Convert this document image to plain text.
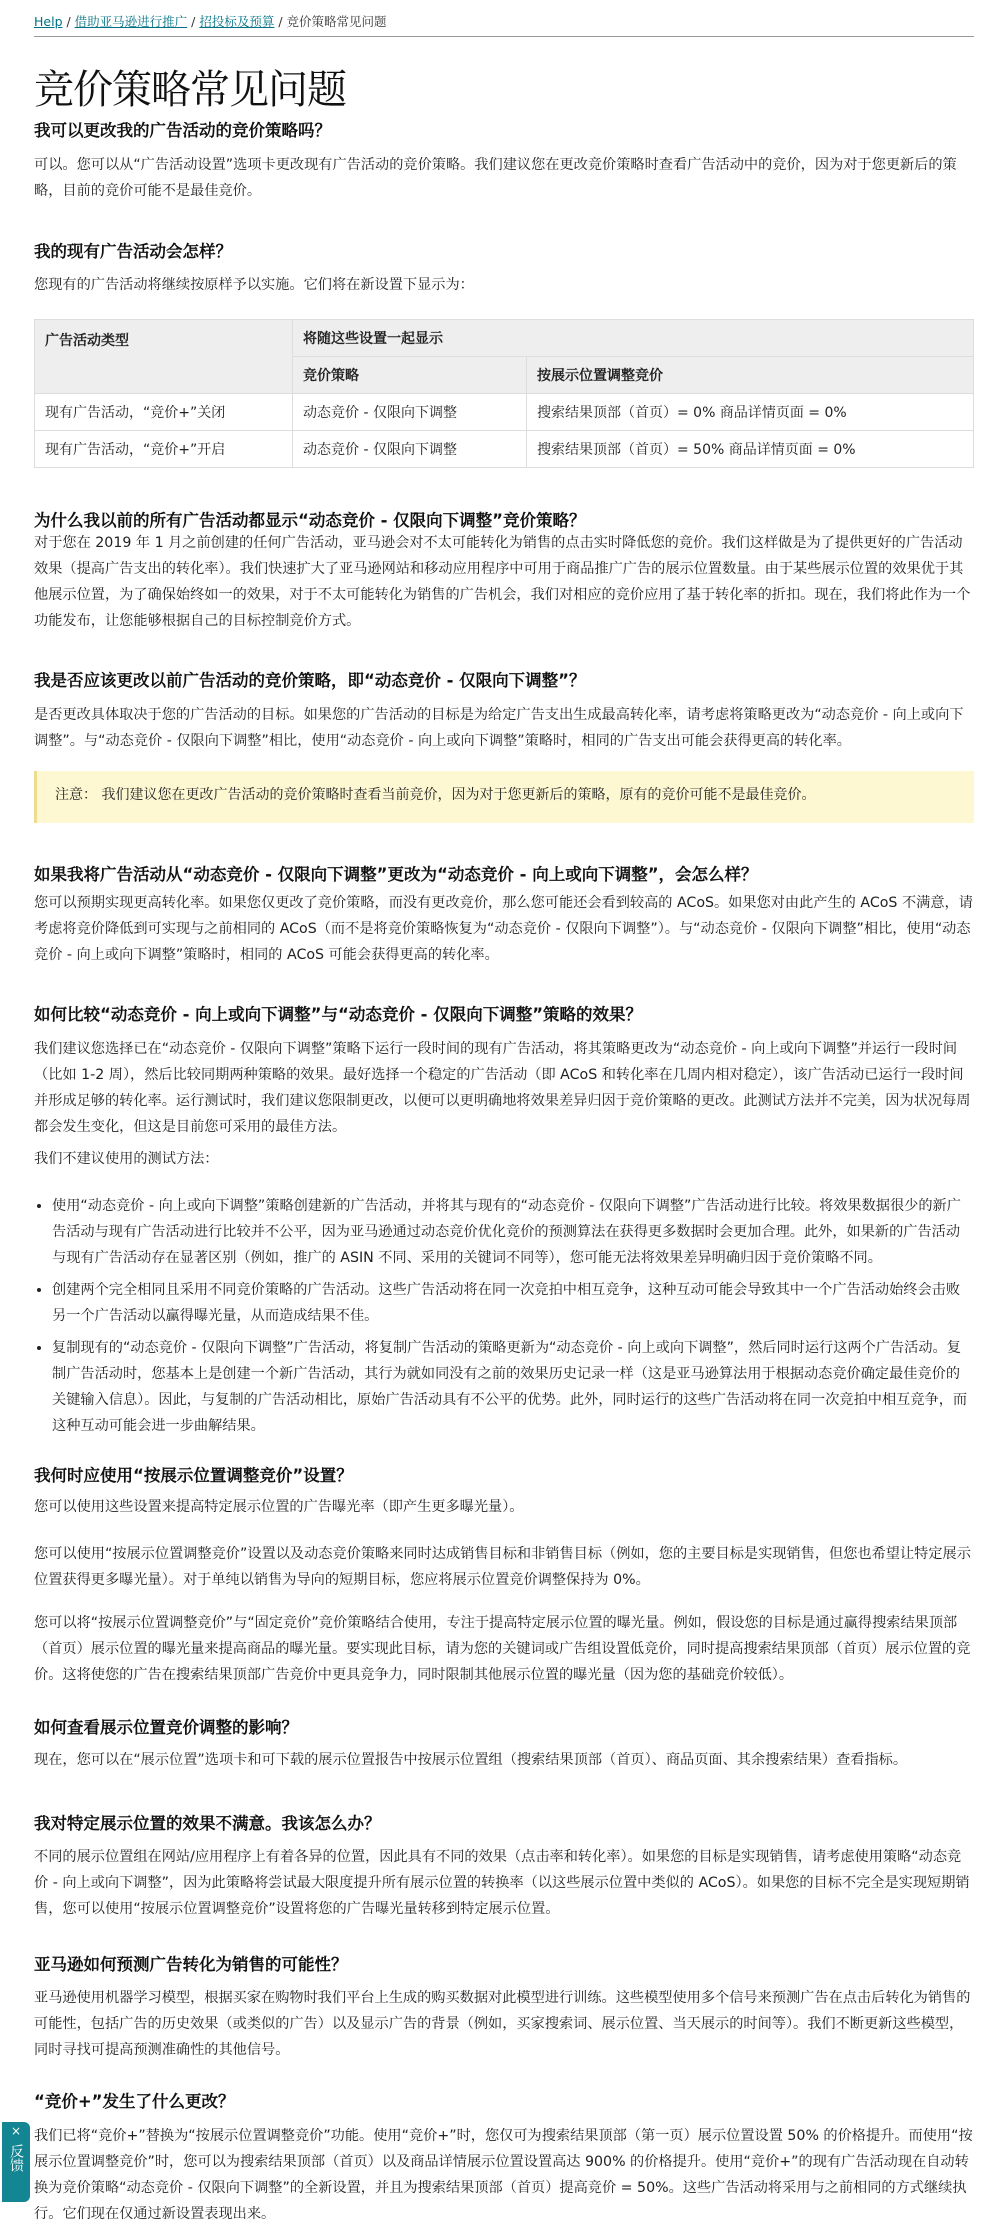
Help / 借助亚马逊进行推广 / 招投标及预算 / 竞价策略常见问题
竞价策略常见问题
我可以更改我的广告活动的竞价策略吗？

可以。您可以从“广告活动设置”选项卡更改现有广告活动的竞价策略。我们建议您在更改竞价策略时查看广告活动中的竞价，因为对于您更新后的策略，目前的竞价可能不是最佳竞价。

我的现有广告活动会怎样？

您现有的广告活动将继续按原样予以实施。它们将在新设置下显示为：

广告活动类型	将随这些设置一起显示	
	竞价策略	按展示位置调整竞价
现有广告活动，“竞价+”关闭	动态竞价 - 仅限向下调整	搜索结果顶部（首页）= 0% 商品详情页面 = 0%
现有广告活动，“竞价+”开启	动态竞价 - 仅限向下调整	搜索结果顶部（首页）= 50% 商品详情页面 = 0%
为什么我以前的所有广告活动都显示“动态竞价 - 仅限向下调整”竞价策略？

对于您在 2019 年 1 月之前创建的任何广告活动，亚马逊会对不太可能转化为销售的点击实时降低您的竞价。我们这样做是为了提供更好的广告活动效果（提高广告支出的转化率）。我们快速扩大了亚马逊网站和移动应用程序中可用于商品推广广告的展示位置数量。由于某些展示位置的效果优于其他展示位置，为了确保始终如一的效果，对于不太可能转化为销售的广告机会，我们对相应的竞价应用了基于转化率的折扣。现在，我们将此作为一个功能发布，让您能够根据自己的目标控制竞价方式。

我是否应该更改以前广告活动的竞价策略，即“动态竞价 - 仅限向下调整”？

是否更改具体取决于您的广告活动的目标。如果您的广告活动的目标是为给定广告支出生成最高转化率，请考虑将策略更改为“动态竞价 - 向上或向下调整”。与“动态竞价 - 仅限向下调整”相比，使用“动态竞价 - 向上或向下调整”策略时，相同的广告支出可能会获得更高的转化率。

注意： 我们建议您在更改广告活动的竞价策略时查看当前竞价，因为对于您更新后的策略，原有的竞价可能不是最佳竞价。
如果我将广告活动从“动态竞价 - 仅限向下调整”更改为“动态竞价 - 向上或向下调整”，会怎么样？

您可以预期实现更高转化率。如果您仅更改了竞价策略，而没有更改竞价，那么您可能还会看到较高的 ACoS。如果您对由此产生的 ACoS 不满意，请考虑将竞价降低到可实现与之前相同的 ACoS（而不是将竞价策略恢复为“动态竞价 - 仅限向下调整”）。与“动态竞价 - 仅限向下调整”相比，使用“动态竞价 - 向上或向下调整”策略时，相同的 ACoS 可能会获得更高的转化率。

如何比较“动态竞价 - 向上或向下调整”与“动态竞价 - 仅限向下调整”策略的效果？

我们建议您选择已在“动态竞价 - 仅限向下调整”策略下运行一段时间的现有广告活动，将其策略更改为“动态竞价 - 向上或向下调整”并运行一段时间（比如 1-2 周），然后比较同期两种策略的效果。最好选择一个稳定的广告活动（即 ACoS 和转化率在几周内相对稳定），该广告活动已运行一段时间并形成足够的转化率。运行测试时，我们建议您限制更改，以便可以更明确地将效果差异归因于竞价策略的更改。此测试方法并不完美，因为状况每周都会发生变化，但这是目前您可采用的最佳方法。

我们不建议使用的测试方法：

• 使用“动态竞价 - 向上或向下调整”策略创建新的广告活动，并将其与现有的“动态竞价 - 仅限向下调整”广告活动进行比较。将效果数据很少的新广告活动与现有广告活动进行比较并不公平，因为亚马逊通过动态竞价优化竞价的预测算法在获得更多数据时会更加合理。此外，如果新的广告活动与现有广告活动存在显著区别（例如，推广的 ASIN 不同、采用的关键词不同等），您可能无法将效果差异明确归因于竞价策略不同。
• 创建两个完全相同且采用不同竞价策略的广告活动。这些广告活动将在同一次竞拍中相互竞争，这种互动可能会导致其中一个广告活动始终会击败另一个广告活动以赢得曝光量，从而造成结果不佳。
• 复制现有的“动态竞价 - 仅限向下调整”广告活动，将复制广告活动的策略更新为“动态竞价 - 向上或向下调整”，然后同时运行这两个广告活动。复制广告活动时，您基本上是创建一个新广告活动，其行为就如同没有之前的效果历史记录一样（这是亚马逊算法用于根据动态竞价确定最佳竞价的关键输入信息）。因此，与复制的广告活动相比，原始广告活动具有不公平的优势。此外，同时运行的这些广告活动将在同一次竞拍中相互竞争，而这种互动可能会进一步曲解结果。
我何时应使用“按展示位置调整竞价”设置？

您可以使用这些设置来提高特定展示位置的广告曝光率（即产生更多曝光量）。

您可以使用“按展示位置调整竞价”设置以及动态竞价策略来同时达成销售目标和非销售目标（例如，您的主要目标是实现销售，但您也希望让特定展示位置获得更多曝光量）。对于单纯以销售为导向的短期目标，您应将展示位置竞价调整保持为 0%。

您可以将“按展示位置调整竞价”与“固定竞价”竞价策略结合使用，专注于提高特定展示位置的曝光量。例如，假设您的目标是通过赢得搜索结果顶部（首页）展示位置的曝光量来提高商品的曝光量。要实现此目标，请为您的关键词或广告组设置低竞价，同时提高搜索结果顶部（首页）展示位置的竞价。这将使您的广告在搜索结果顶部广告竞价中更具竞争力，同时限制其他展示位置的曝光量（因为您的基础竞价较低）。

如何查看展示位置竞价调整的影响？

现在，您可以在“展示位置”选项卡和可下载的展示位置报告中按展示位置组（搜索结果顶部（首页）、商品页面、其余搜索结果）查看指标。

我对特定展示位置的效果不满意。我该怎么办？

不同的展示位置组在网站/应用程序上有着各异的位置，因此具有不同的效果（点击率和转化率）。如果您的目标是实现销售，请考虑使用策略“动态竞价 - 向上或向下调整”，因为此策略将尝试最大限度提升所有展示位置的转换率（以这些展示位置中类似的 ACoS）。如果您的目标不完全是实现短期销售，您可以使用“按展示位置调整竞价”设置将您的广告曝光量转移到特定展示位置。

亚马逊如何预测广告转化为销售的可能性？

亚马逊使用机器学习模型，根据买家在购物时我们平台上生成的购买数据对此模型进行训练。这些模型使用多个信号来预测广告在点击后转化为销售的可能性，包括广告的历史效果（或类似的广告）以及显示广告的背景（例如，买家搜索词、展示位置、当天展示的时间等）。我们不断更新这些模型，同时寻找可提高预测准确性的其他信号。

“竞价+”发生了什么更改？

我们已将“竞价+”替换为“按展示位置调整竞价”功能。使用“竞价+”时，您仅可为搜索结果顶部（第一页）展示位置设置 50% 的价格提升。而使用“按展示位置调整竞价”时，您可以为搜索结果顶部（首页）以及商品详情展示位置设置高达 900% 的价格提升。使用“竞价+”的现有广告活动现在自动转换为竞价策略“动态竞价 - 仅限向下调整”的全新设置，并且为搜索结果顶部（首页）提高竞价 = 50%。这些广告活动将采用与之前相同的方式继续执行。它们现在仅通过新设置表现出来。

×
反馈
